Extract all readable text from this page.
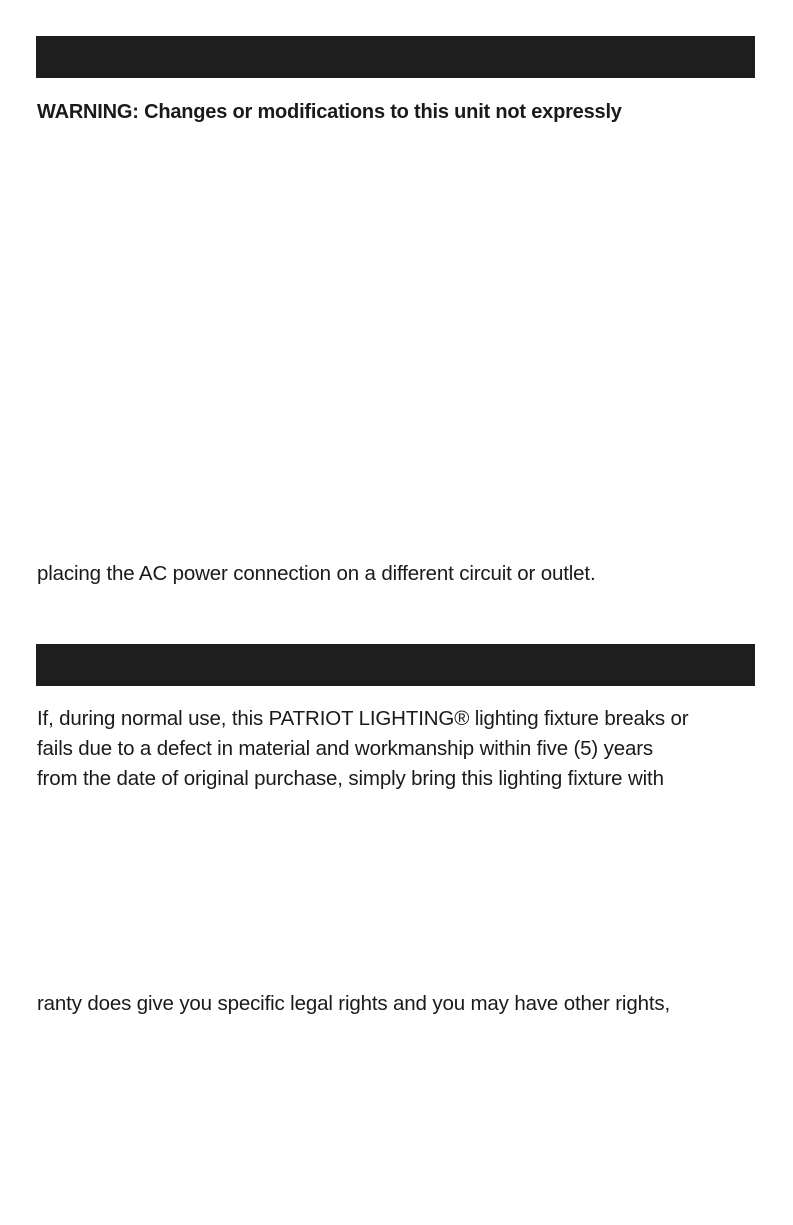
WARNING: Changes or modifications to this unit not expressly
placing the AC power connection on a different circuit or outlet.
If, during normal use, this PATRIOT LIGHTING® lighting fixture breaks or
fails due to a defect in material and workmanship within five (5) years
from the date of original purchase, simply bring this lighting fixture with
ranty does give you specific legal rights and you may have other rights,
